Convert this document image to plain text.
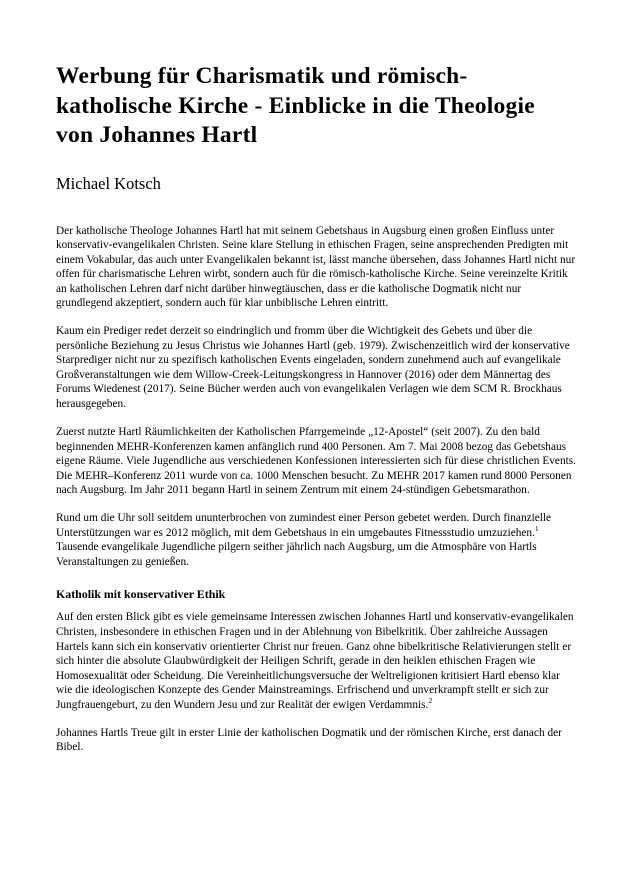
Werbung für Charismatik und römisch-katholische Kirche - Einblicke in die Theologie von Johannes Hartl
Michael Kotsch

Der katholische Theologe Johannes Hartl hat mit seinem Gebetshaus in Augsburg einen großen Einfluss unter konservativ-evangelikalen Christen. Seine klare Stellung in ethischen Fragen, seine ansprechenden Predigten mit einem Vokabular, das auch unter Evangelikalen bekannt ist, lässt manche übersehen, dass Johannes Hartl nicht nur offen für charismatische Lehren wirbt, sondern auch für die römisch-katholische Kirche. Seine vereinzelte Kritik an katholischen Lehren darf nicht darüber hinwegtäuschen, dass er die katholische Dogmatik nicht nur grundlegend akzeptiert, sondern auch für klar unbiblische Lehren eintritt.

Kaum ein Prediger redet derzeit so eindringlich und fromm über die Wichtigkeit des Gebets und über die persönliche Beziehung zu Jesus Christus wie Johannes Hartl (geb. 1979). Zwischenzeitlich wird der konservative Starprediger nicht nur zu spezifisch katholischen Events eingeladen, sondern zunehmend auch auf evangelikale Großveranstaltungen wie dem Willow-Creek-Leitungskongress in Hannover (2016) oder dem Männertag des Forums Wiedenest (2017). Seine Bücher werden auch von evangelikalen Verlagen wie dem SCM R. Brockhaus herausgegeben.

Zuerst nutzte Hartl Räumlichkeiten der Katholischen Pfarrgemeinde „12-Apostel“ (seit 2007). Zu den bald beginnenden MEHR-Konferenzen kamen anfänglich rund 400 Personen. Am 7. Mai 2008 bezog das Gebetshaus eigene Räume. Viele Jugendliche aus verschiedenen Konfessionen interessierten sich für diese christlichen Events. Die MEHR–Konferenz 2011 wurde von ca. 1000 Menschen besucht. Zu MEHR 2017 kamen rund 8000 Personen nach Augsburg. Im Jahr 2011 begann Hartl in seinem Zentrum mit einem 24-stündigen Gebetsmarathon.

Rund um die Uhr soll seitdem ununterbrochen von zumindest einer Person gebetet werden. Durch finanzielle Unterstützungen war es 2012 möglich, mit dem Gebetshaus in ein umgebautes Fitnessstudio umzuziehen.$^1$ Tausende evangelikale Jugendliche pilgern seither jährlich nach Augsburg, um die Atmosphäre von Hartls Veranstaltungen zu genießen.

Katholik mit konservativer Ethik

Auf den ersten Blick gibt es viele gemeinsame Interessen zwischen Johannes Hartl und konservativ-evangelikalen Christen, insbesondere in ethischen Fragen und in der Ablehnung von Bibelkritik. Über zahlreiche Aussagen Hartels kann sich ein konservativ orientierter Christ nur freuen. Ganz ohne bibelkritische Relativierungen stellt er sich hinter die absolute Glaubwürdigkeit der Heiligen Schrift, gerade in den heiklen ethischen Fragen wie Homosexualität oder Scheidung. Die Vereinheitlichungsversuche der Weltreligionen kritisiert Hartl ebenso klar wie die ideologischen Konzepte des Gender Mainstreamings. Erfrischend und unverkrampft stellt er sich zur Jungfrauengeburt, zu den Wundern Jesu und zur Realität der ewigen Verdammnis.$^2$

Johannes Hartls Treue gilt in erster Linie der katholischen Dogmatik und der römischen Kirche, erst danach der Bibel.
